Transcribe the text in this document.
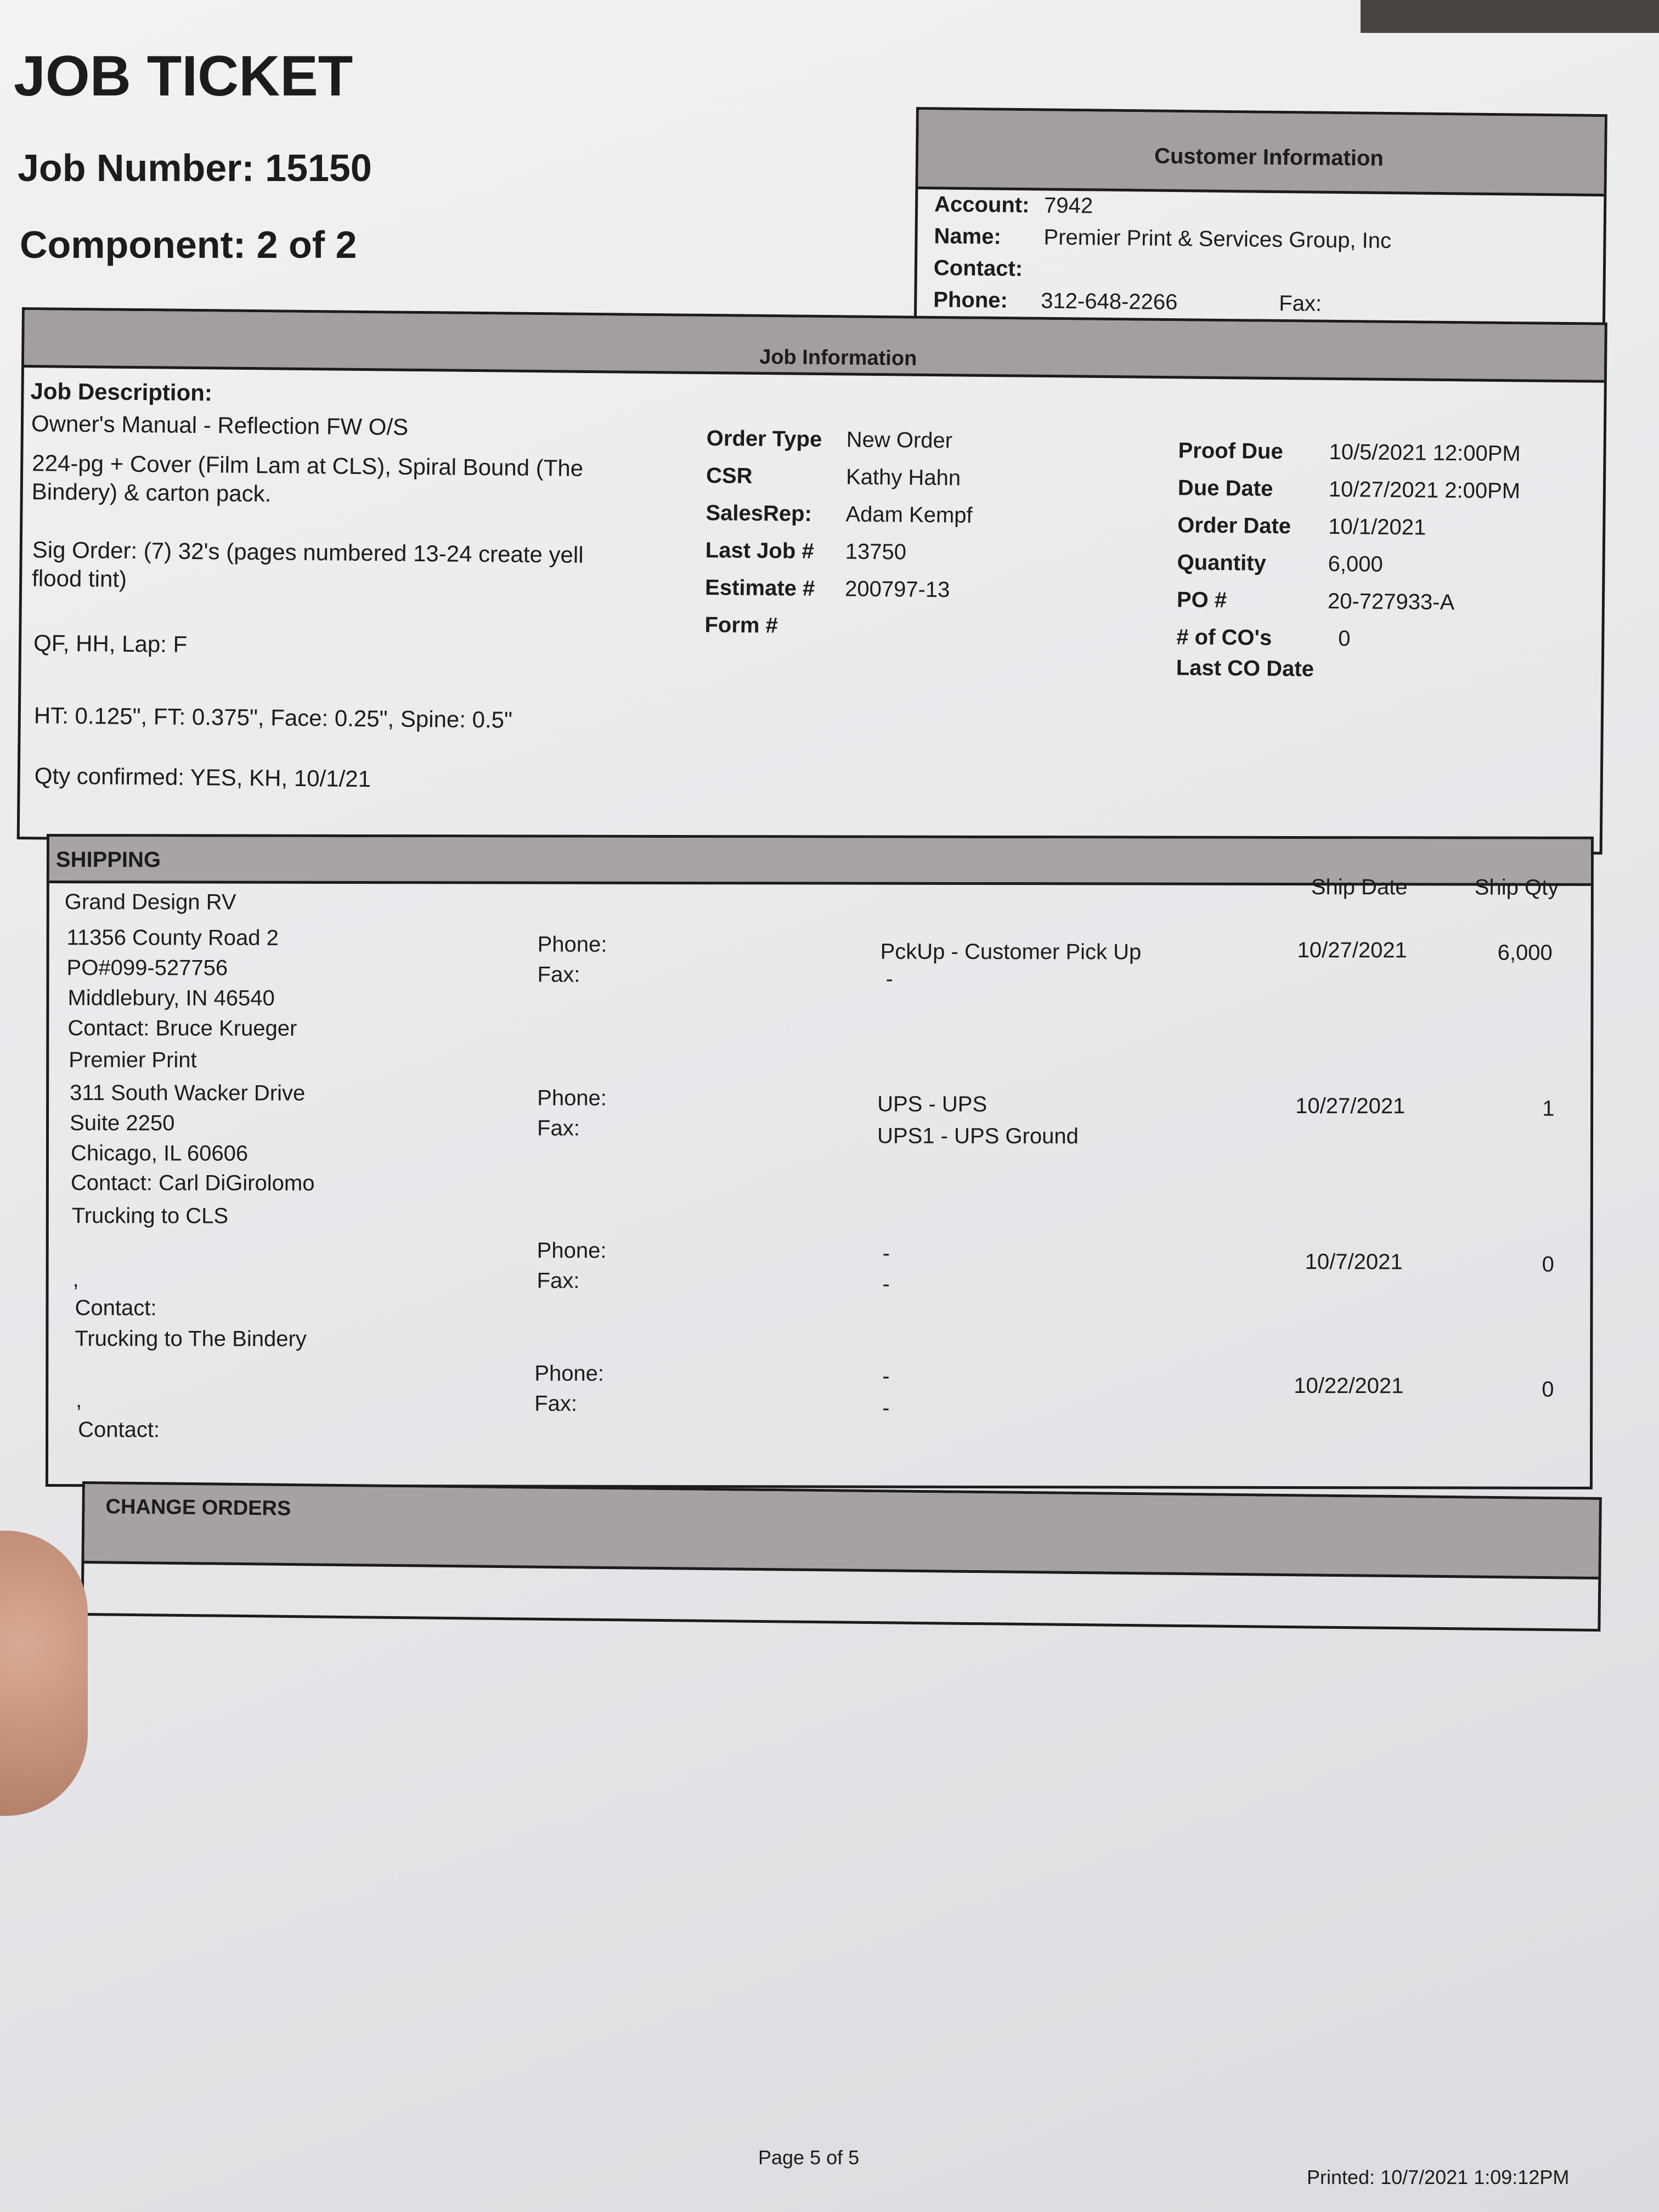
JOB TICKET
Job Number: 15150
Component: 2 of 2
Customer Information
Account: 7942
Name: Premier Print & Services Group, Inc
Contact:
Phone: 312-648-2266	Fax:
Job Information
Job Description:
Owner's Manual - Reflection FW O/S
224-pg + Cover (Film Lam at CLS), Spiral Bound (The
Bindery) & carton pack.
Sig Order: (7) 32's (pages numbered 13-24 create yell
flood tint)
QF, HH, Lap: F
HT: 0.125", FT: 0.375", Face: 0.25", Spine: 0.5"
Qty confirmed: YES, KH, 10/1/21
Order Type New Order
CSR	Kathy Hahn
SalesRep: Adam Kempf
Last Job # 13750
Estimate # 200797-13
Form #
Proof Due 10/5/2021 12:00PM
Due Date	10/27/2021 2:00PM
Order Date 10/1/2021
Quantity	6,000
PO #	20-727933-A
# of CO's	0
Last CO Date
SHIPPING
Ship Date	Ship Qty
Grand Design RV
11356 County Road 2
PO#099-527756
Middlebury, IN 46540
Contact: Bruce Krueger
Phone:
Fax:
PckUp - Customer Pick Up
-
10/27/2021	6,000
Premier Print
311 South Wacker Drive
Suite 2250
Chicago, IL 60606
Contact: Carl DiGirolomo
Phone:
Fax:
UPS - UPS
UPS1 - UPS Ground
10/27/2021	1
Trucking to CLS
,
Contact:
Phone:
Fax:
-
-
10/7/2021	0
Trucking to The Bindery
,
Contact:
Phone:
Fax:
-
-
10/22/2021	0
CHANGE ORDERS
Page 5 of 5
Printed: 10/7/2021 1:09:12PM
